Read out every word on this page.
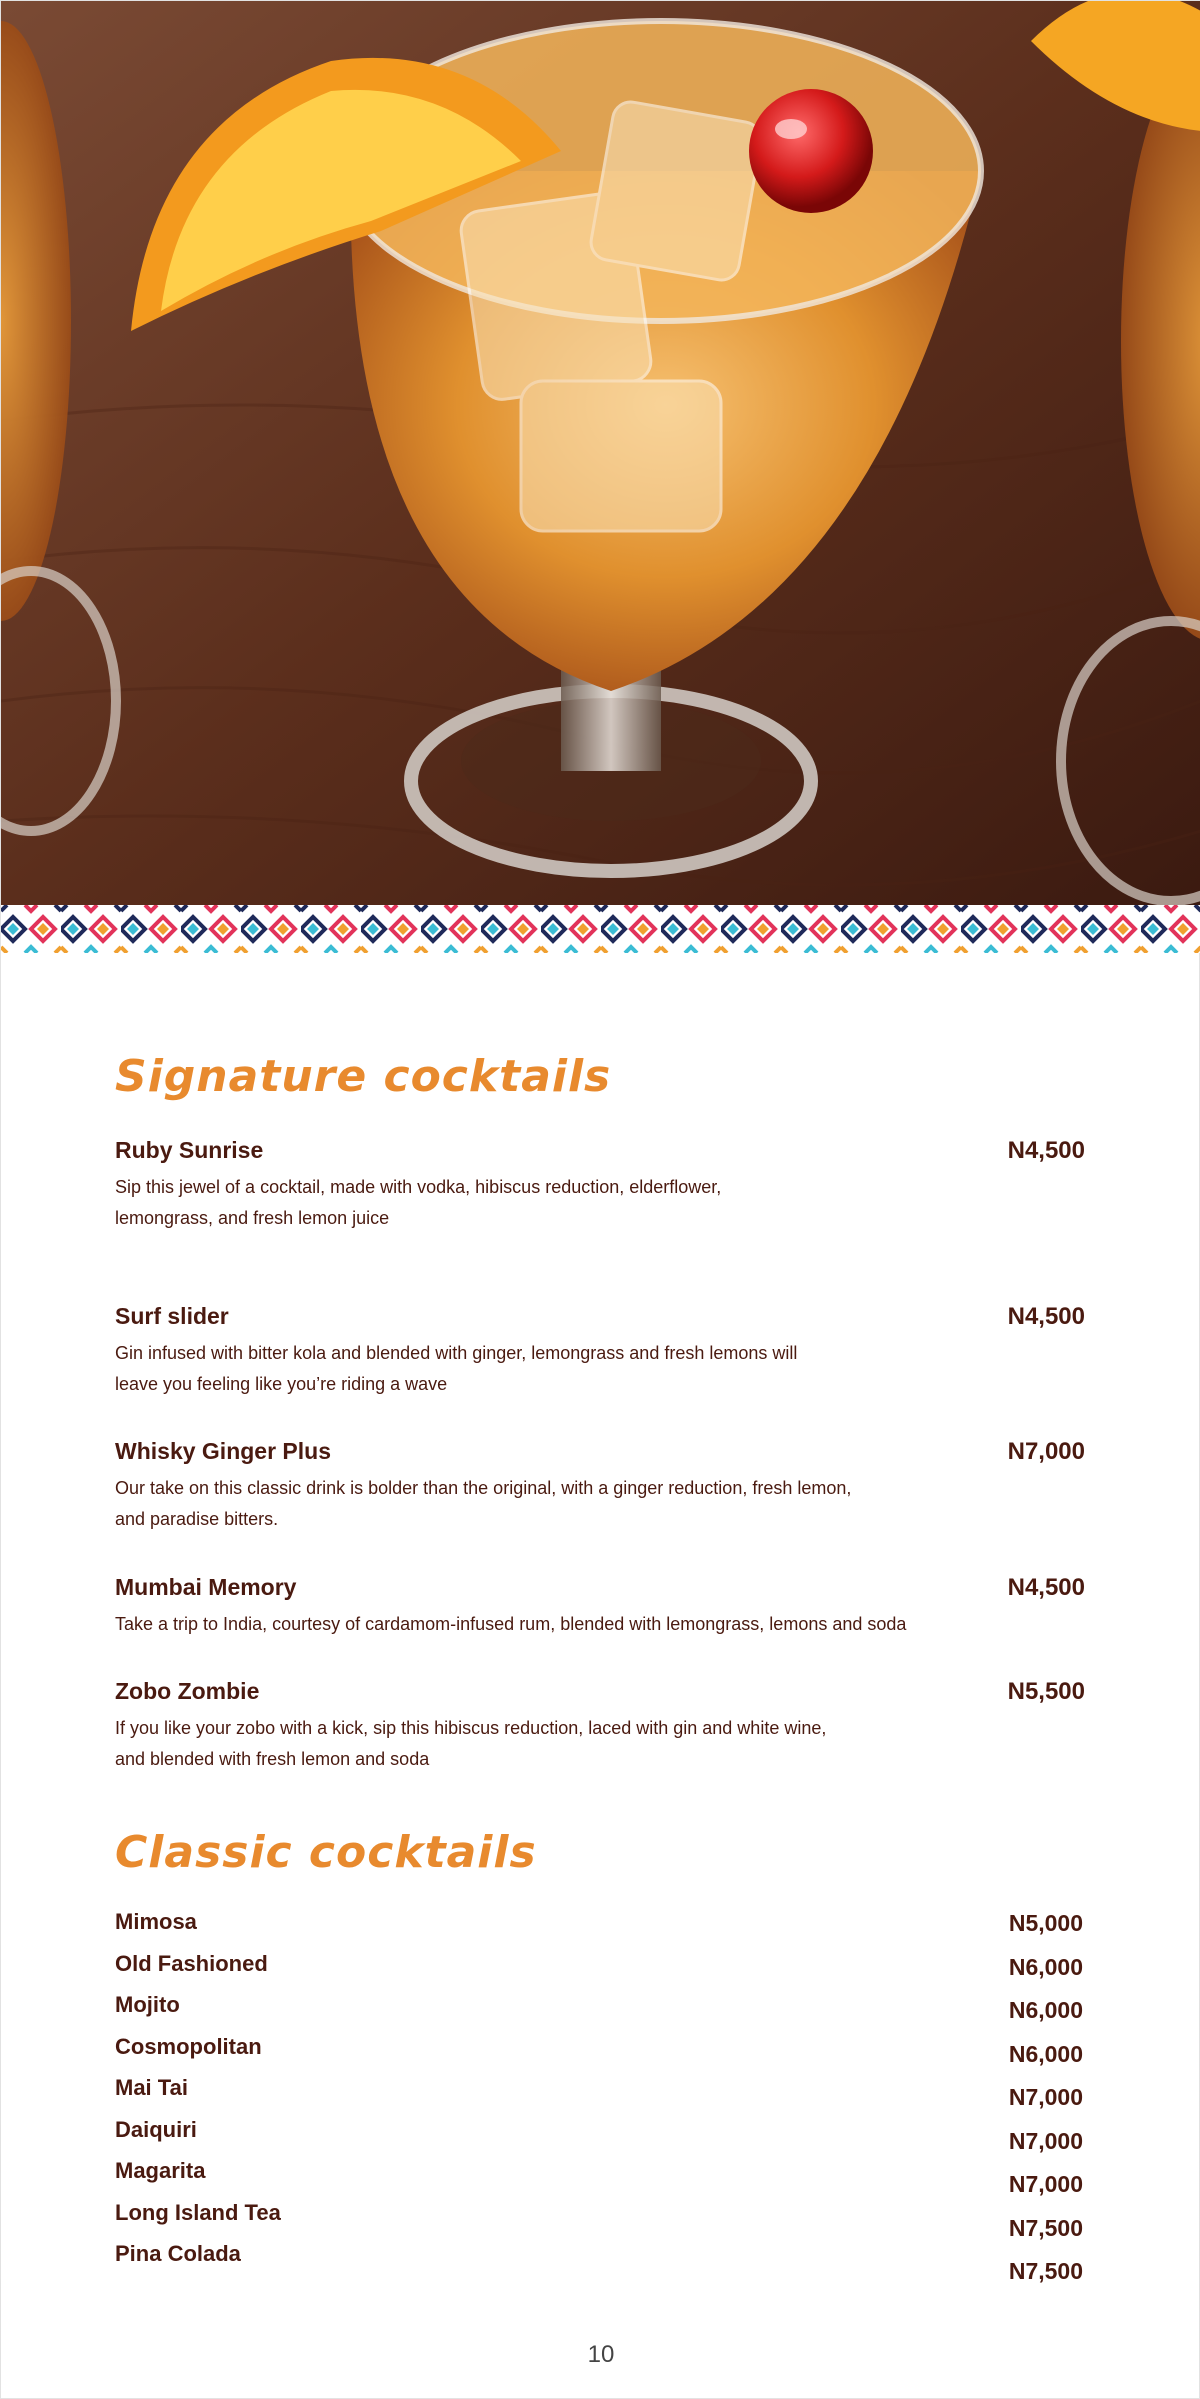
Signature cocktails
Ruby Sunrise
Sip this jewel of a cocktail, made with vodka, hibiscus reduction, elderflower, lemongrass, and fresh lemon juice
N4,500
Surf slider
Gin infused with bitter kola and blended with ginger, lemongrass and fresh lemons will leave you feeling like you’re riding a wave
N4,500
Whisky Ginger Plus
Our take on this classic drink is bolder than the original, with a ginger reduction, fresh lemon, and paradise bitters.
N7,000
Mumbai Memory
Take a trip to India, courtesy of cardamom-infused rum, blended with lemongrass, lemons and soda
N4,500
Zobo Zombie
If you like your zobo with a kick, sip this hibiscus reduction, laced with gin and white wine, and blended with fresh lemon and soda
N5,500
Classic cocktails
Mimosa
Old Fashioned
Mojito
Cosmopolitan
Mai Tai
Daiquiri
Magarita
Long Island Tea
Pina Colada
N5,000
N6,000
N6,000
N6,000
N7,000
N7,000
N7,000
N7,500
N7,500
10
